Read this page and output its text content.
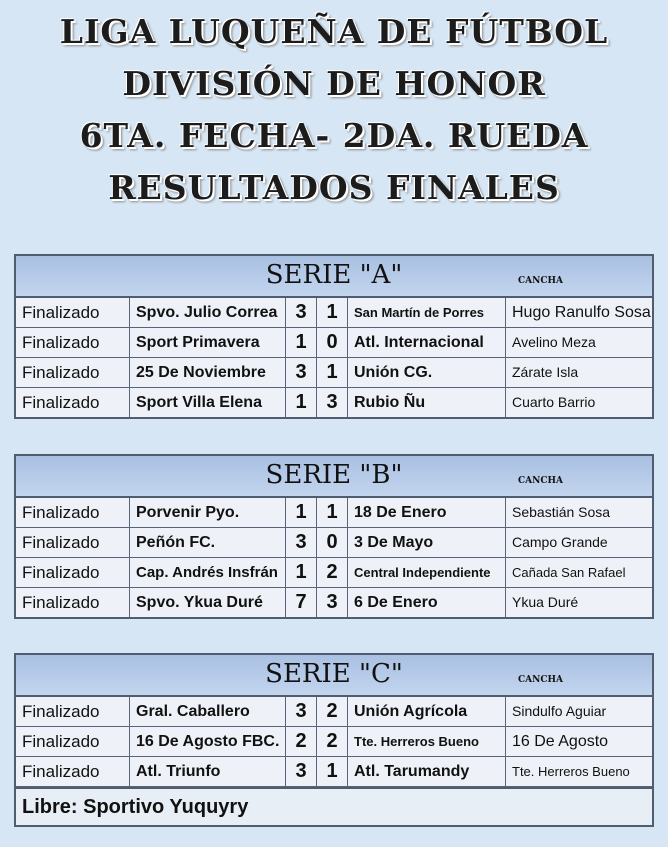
LIGA LUQUEÑA DE FÚTBOL
DIVISIÓN DE HONOR
6TA. FECHA- 2DA. RUEDA
RESULTADOS FINALES
SERIE "A"	CANCHA
Finalizado	Spvo. Julio Correa 3 1	San Martín de Porres	Hugo Ranulfo Sosa
Finalizado	Sport Primavera	1 0	Atl. Internacional	Avelino Meza
Finalizado	25 De Noviembre	3 1	Unión CG.	Zárate Isla
Finalizado	Sport Villa Elena	1 3	Rubio Ñu	Cuarto Barrio
SERIE "B"	CANCHA
Finalizado	Porvenir Pyo.	1 1	18 De Enero	Sebastián Sosa
Finalizado	Peñón FC.	3 0	3 De Mayo	Campo Grande
Finalizado	Cap. Andrés Insfrán 1 2	Central Independiente	Cañada San Rafael
Finalizado	Spvo. Ykua Duré	7 3	6 De Enero	Ykua Duré
SERIE "C"	CANCHA
Finalizado	Gral. Caballero	3 2	Unión Agrícola	Sindulfo Aguiar
Finalizado	16 De Agosto FBC. 2 2	Tte. Herreros Bueno	16 De Agosto
Finalizado	Atl. Triunfo	3 1	Atl. Tarumandy	Tte. Herreros Bueno
Libre: Sportivo Yuquyry
